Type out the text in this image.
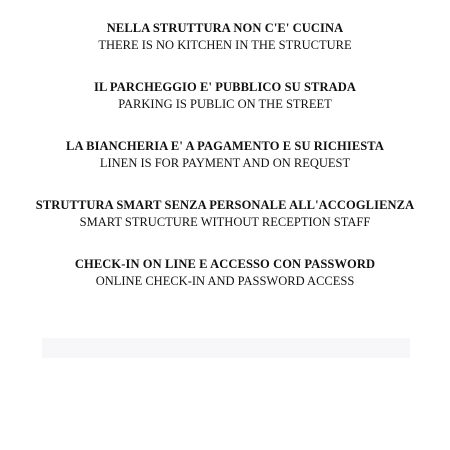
NELLA STRUTTURA NON C'E' CUCINA
THERE IS NO KITCHEN IN THE STRUCTURE

IL PARCHEGGIO E' PUBBLICO SU STRADA
PARKING IS PUBLIC ON THE STREET

LA BIANCHERIA E' A PAGAMENTO E SU RICHIESTA
LINEN IS FOR PAYMENT AND ON REQUEST

STRUTTURA SMART SENZA PERSONALE ALL'ACCOGLIENZA
SMART STRUCTURE WITHOUT RECEPTION STAFF

CHECK-IN ON LINE E ACCESSO CON PASSWORD
ONLINE CHECK-IN AND PASSWORD ACCESS
